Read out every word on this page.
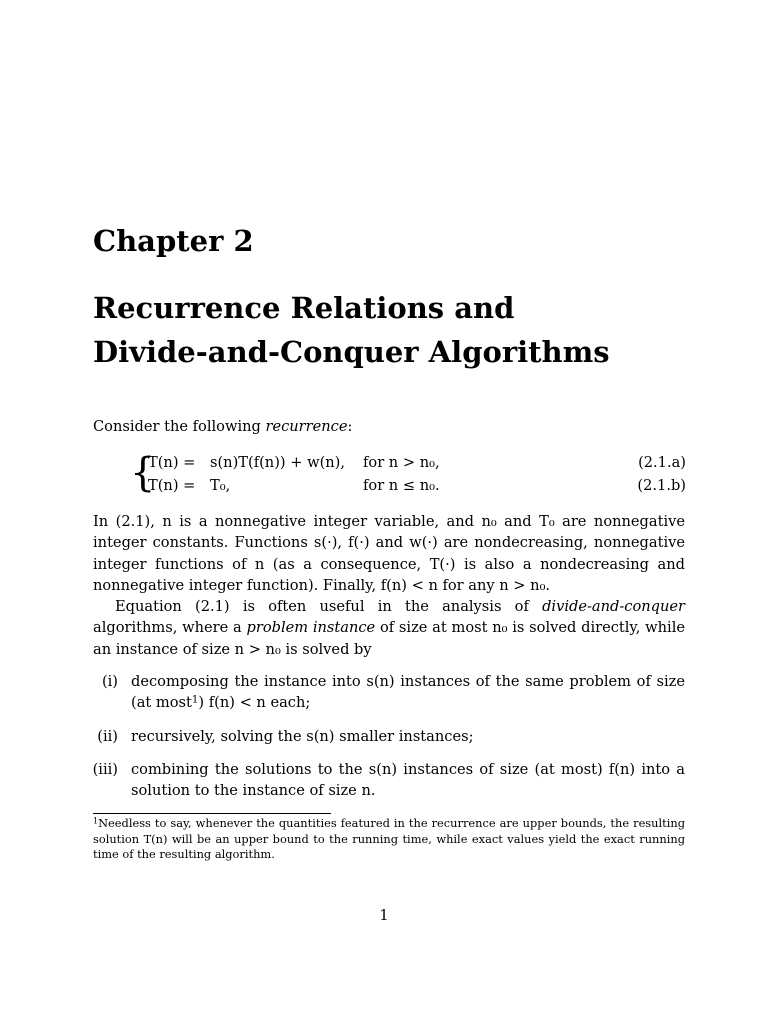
Chapter 2
Recurrence Relations and
Divide-and-Conquer Algorithms
Consider the following recurrence:
{
T(n) = s(n)T(f(n)) + w(n), for n > n₀,	(2.1.a)
T(n) = T₀,	for n ≤ n₀.	(2.1.b)
In (2.1), n is a nonnegative integer variable, and n₀ and T₀ are nonnegative integer constants. Functions s(·), f(·) and w(·) are nondecreasing, nonnegative integer functions of n (as a consequence, T(·) is also a nondecreasing and nonnegative integer function). Finally, f(n) < n for any n > n₀.
Equation (2.1) is often useful in the analysis of divide-and-conquer algorithms, where a problem instance of size at most n₀ is solved directly, while an instance of size n > n₀ is solved by
(i) decomposing the instance into s(n) instances of the same problem of size (at most$^1$) f(n) < n each;
(ii) recursively, solving the s(n) smaller instances;
(iii) combining the solutions to the s(n) instances of size (at most) f(n) into a solution to the instance of size n.
$^1$Needless to say, whenever the quantities featured in the recurrence are upper bounds, the resulting solution T(n) will be an upper bound to the running time, while exact values yield the exact running time of the resulting algorithm.
1
